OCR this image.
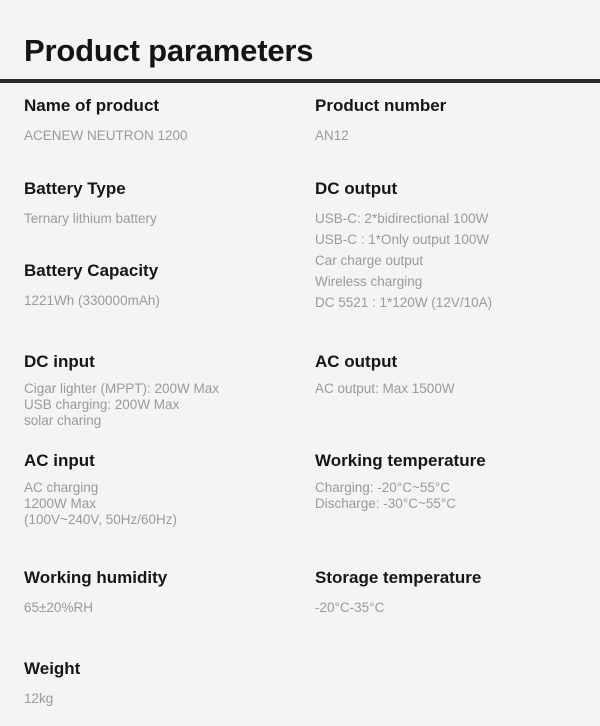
Product parameters
Name of product
ACENEW NEUTRON 1200
Product number
AN12
Battery Type
Ternary lithium battery
DC output
USB-C: 2*bidirectional 100W
USB-C : 1*Only output 100W
Car charge output
Wireless charging
DC 5521 : 1*120W (12V/10A)
Battery Capacity
1221Wh (330000mAh)
DC input
Cigar lighter (MPPT): 200W Max
USB charging: 200W Max
solar charing
AC output
AC output: Max 1500W
AC input
AC charging
1200W Max
(100V~240V, 50Hz/60Hz)
Working temperature
Charging: -20°C~55°C
Discharge: -30°C~55°C
Working humidity
65±20%RH
Storage temperature
-20°C-35°C
Weight
12kg
